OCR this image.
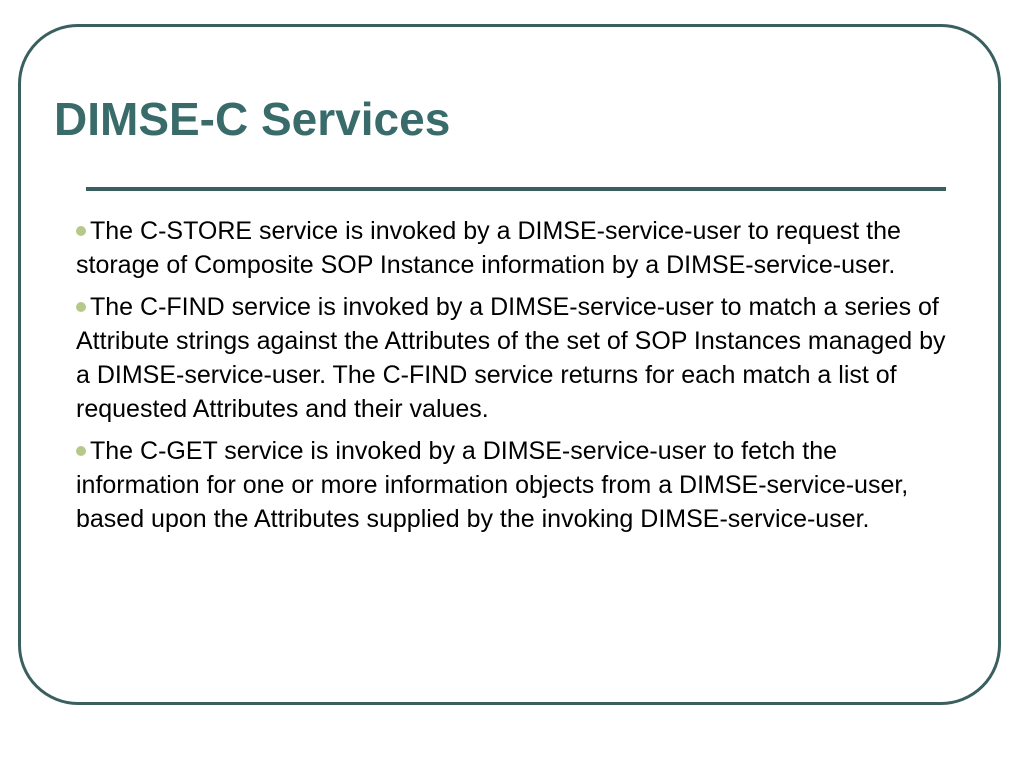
DIMSE-C Services
The C-STORE service is invoked by a DIMSE-service-user to request the storage of Composite SOP Instance information by a DIMSE-service-user.
The C-FIND service is invoked by a DIMSE-service-user to match a series of Attribute strings against the Attributes of the set of SOP Instances managed by a DIMSE-service-user. The C-FIND service returns for each match a list of requested Attributes and their values.
The C-GET service is invoked by a DIMSE-service-user to fetch the information for one or more information objects from a DIMSE-service-user, based upon the Attributes supplied by the invoking DIMSE-service-user.
